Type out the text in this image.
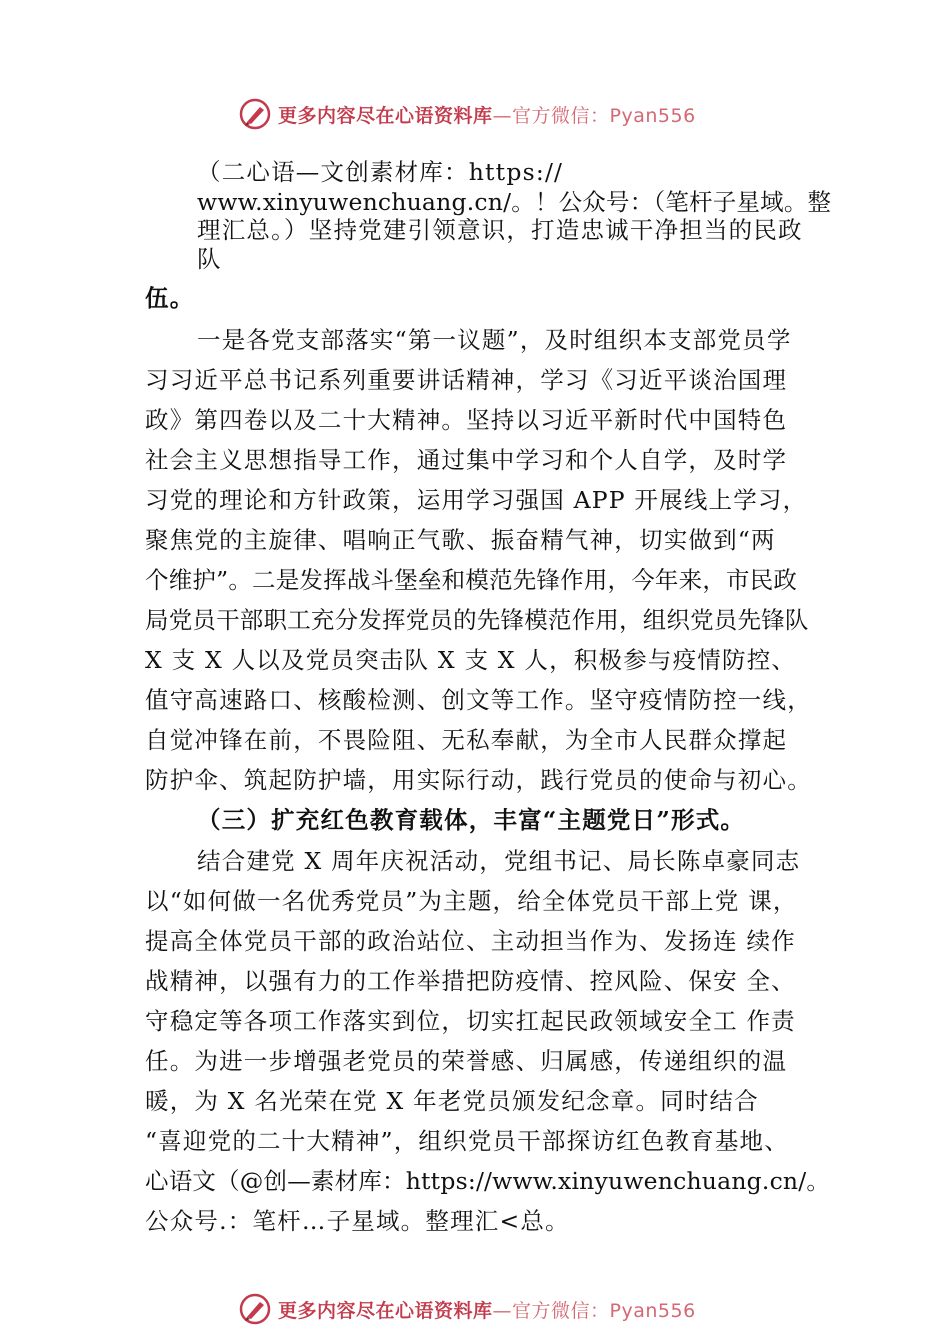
更多内容尽在心语资料库—官方微信：Pyan556
（二心语—文创素材库：https://
www.xinyuwenchuang.cn/。！公众号：（笔杆子星域。整
理汇总。）坚持党建引领意识，打造忠诚干净担当的民政
队
伍。
一是各党支部落实“第一议题”，及时组织本支部党员学
习习近平总书记系列重要讲话精神，学习《习近平谈治国理
政》第四卷以及二十大精神。坚持以习近平新时代中国特色
社会主义思想指导工作，通过集中学习和个人自学，及时学
习党的理论和方针政策，运用学习强国 APP 开展线上学习，
聚焦党的主旋律、唱响正气歌、振奋精气神，切实做到“两
个维护”。二是发挥战斗堡垒和模范先锋作用，今年来，市民政
局党员干部职工充分发挥党员的先锋模范作用，组织党员先锋队
X 支 X 人以及党员突击队 X 支 X 人，积极参与疫情防控、
值守高速路口、核酸检测、创文等工作。坚守疫情防控一线，
自觉冲锋在前，不畏险阻、无私奉献，为全市人民群众撑起
防护伞、筑起防护墙，用实际行动，践行党员的使命与初心。
（三）扩充红色教育载体，丰富“主题党日”形式。
结合建党 X 周年庆祝活动，党组书记、局长陈卓豪同志
以“如何做一名优秀党员”为主题，给全体党员干部上党 课，
提高全体党员干部的政治站位、主动担当作为、发扬连 续作
战精神，以强有力的工作举措把防疫情、控风险、保安 全、
守稳定等各项工作落实到位，切实扛起民政领域安全工 作责
任。为进一步增强老党员的荣誉感、归属感，传递组织的温
暖，为 X 名光荣在党 X 年老党员颁发纪念章。同时结合
“喜迎党的二十大精神”，组织党员干部探访红色教育基地、
心语文（@创—素材库：https://www.xinyuwenchuang.cn/。
公众号.：笔杆…子星域。整理汇<总。
更多内容尽在心语资料库—官方微信：Pyan556
